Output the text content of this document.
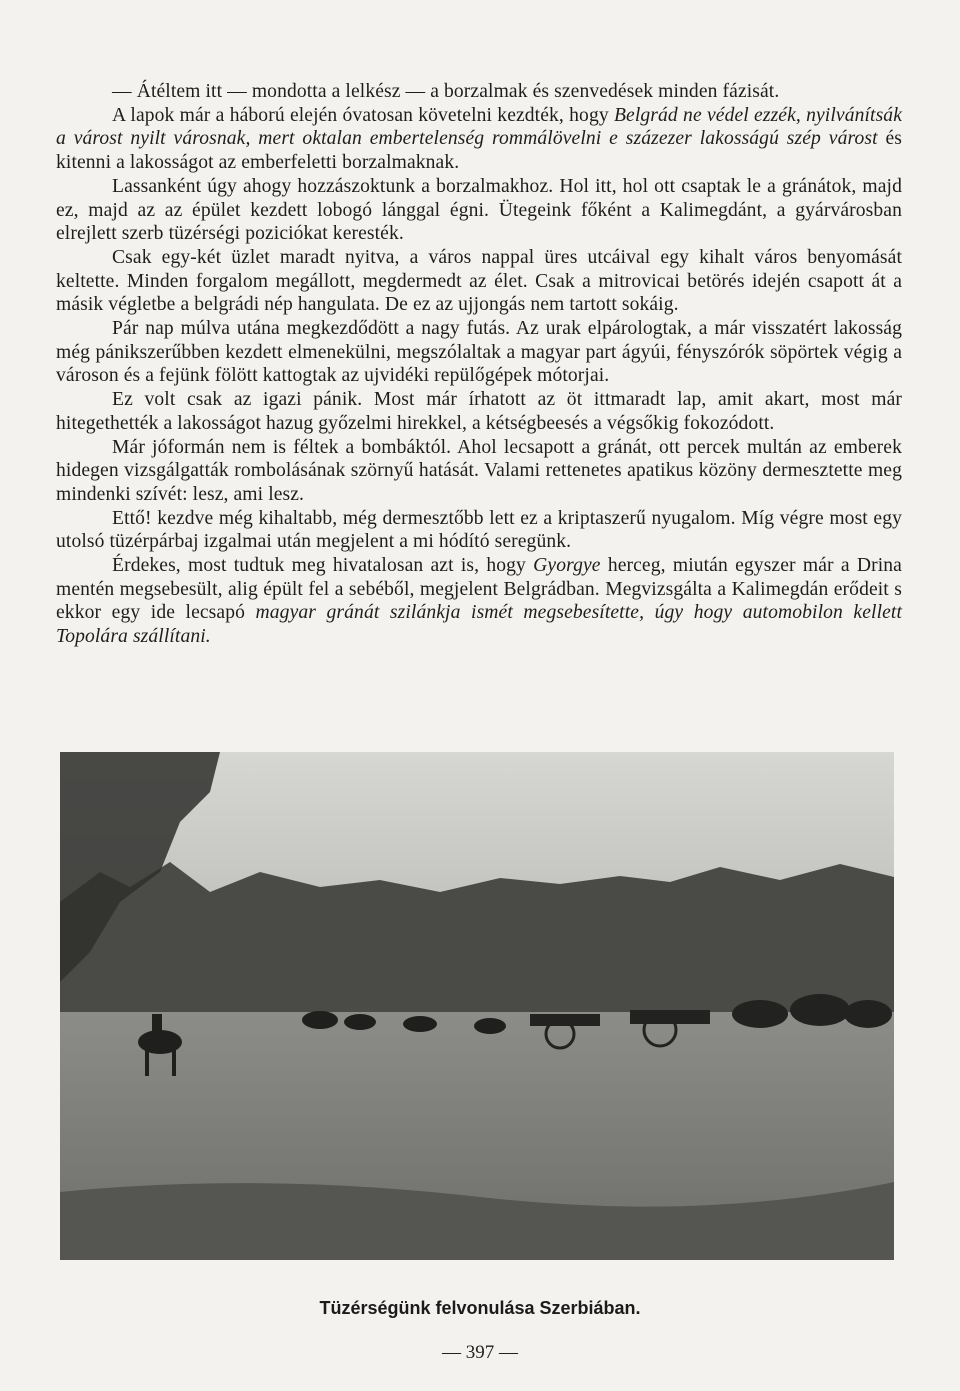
— Átéltem itt — mondotta a lelkész — a borzalmak és szenvedések minden fázisát.

A lapok már a háború elején óvatosan követelni kezdték, hogy Belgrád ne védel ezzék, nyilvánítsák a várost nyilt városnak, mert oktalan embertelenség rommálövelni e százezer lakosságú szép várost és kitenni a lakosságot az emberfeletti borzalmaknak.

Lassanként úgy ahogy hozzászoktunk a borzalmakhoz. Hol itt, hol ott csaptak le a gránátok, majd ez, majd az az épület kezdett lobogó lánggal égni. Ütegeink főként a Kalimegdánt, a gyárvárosban elrejlett szerb tüzérségi poziciókat keresték.

Csak egy-két üzlet maradt nyitva, a város nappal üres utcáival egy kihalt város benyomását keltette. Minden forgalom megállott, megdermedt az élet. Csak a mitrovicai betörés idején csapott át a másik végletbe a belgrádi nép hangulata. De ez az ujjongás nem tartott sokáig.

Pár nap múlva utána megkezdődött a nagy futás. Az urak elpárologtak, a már visszatért lakosság még pánikszerűbben kezdett elmenekülni, megszólaltak a magyar part ágyúi, fényszórók söpörtek végig a városon és a fejünk fölött kattogtak az ujvidéki repülőgépek mótorjai.

Ez volt csak az igazi pánik. Most már írhatott az öt ittmaradt lap, amit akart, most már hitegethették a lakosságot hazug győzelmi hirekkel, a kétségbeesés a végsőkig fokozódott.

Már jóformán nem is féltek a bombáktól. Ahol lecsapott a gránát, ott percek multán az emberek hidegen vizsgálgatták rombolásának szörnyű hatását. Valami rettenetes apatikus közöny dermesztette meg mindenki szívét: lesz, ami lesz.

Ettő! kezdve még kihaltabb, még dermesztőbb lett ez a kriptaszerű nyugalom. Míg végre most egy utolsó tüzérpárbaj izgalmai után megjelent a mi hódító seregünk.

Érdekes, most tudtuk meg hivatalosan azt is, hogy Gyorgye herceg, miután egyszer már a Drina mentén megsebesült, alig épült fel a sebéből, megjelent Belgrádban. Megvizsgálta a Kalimegdán erődeit s ekkor egy ide lecsapó magyar gránát szilánkja ismét megsebesítette, úgy hogy automobilon kellett Topolára szállítani.

Tüzérségünk felvonulása Szerbiában.
— 397 —
